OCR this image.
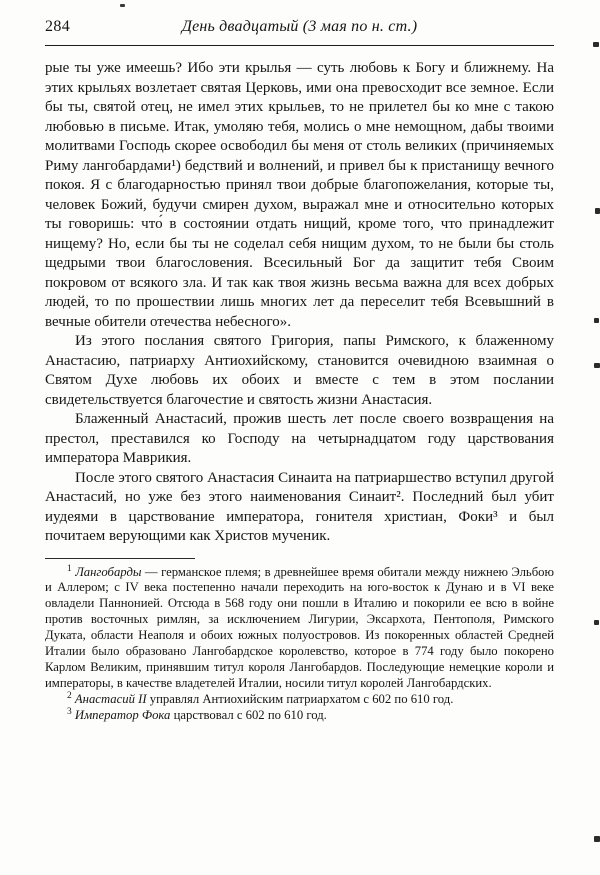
284	День двадцатый (3 мая по н. ст.)

рые ты уже имеешь? Ибо эти крылья — суть любовь к Богу и ближнему. На этих крыльях возлетает святая Церковь, ими она превосходит все земное. Если бы ты, святой отец, не имел этих крыльев, то не прилетел бы ко мне с такою любовью в письме. Итак, умоляю тебя, молись о мне немощном, дабы твоими молитвами Господь скорее освободил бы меня от столь великих (причиняемых Риму лангобардами¹) бедствий и волнений, и привел бы к пристанищу вечного покоя. Я с благодарностью принял твои добрые благопожелания, которые ты, человек Божий, будучи смирен духом, выражал мне и относительно которых ты говоришь: что́ в состоянии отдать нищий, кроме того, что принадлежит нищему? Но, если бы ты не соделал себя нищим духом, то не были бы столь щедрыми твои благословения. Всесильный Бог да защитит тебя Своим покровом от всякого зла. И так как твоя жизнь весьма важна для всех добрых людей, то по прошествии лишь многих лет да переселит тебя Всевышний в вечные обители отечества небесного».

Из этого послания святого Григория, папы Римского, к блаженному Анастасию, патриарху Антиохийскому, становится очевидною взаимная о Святом Духе любовь их обоих и вместе с тем в этом послании свидетельствуется благочестие и святость жизни Анастасия.

Блаженный Анастасий, прожив шесть лет после своего возвращения на престол, преставился ко Господу на четырнадцатом году царствования императора Маврикия.

После этого святого Анастасия Синаита на патриаршество вступил другой Анастасий, но уже без этого наименования Синаит². Последний был убит иудеями в царствование императора, гонителя христиан, Фоки³ и был почитаем верующими как Христов мученик.

$^1$ Лангобарды — германское племя; в древнейшее время обитали между нижнею Эльбою и Аллером; с IV века постепенно начали переходить на юго-восток к Дунаю и в VI веке овладели Паннонией. Отсюда в 568 году они пошли в Италию и покорили ее всю в войне против восточных римлян, за исключением Лигурии, Эксархота, Пентополя, Римского Дуката, области Неаполя и обоих южных полуостровов. Из покоренных областей Средней Италии было образовано Лангобардское королевство, которое в 774 году было покорено Карлом Великим, принявшим титул короля Лангобардов. Последующие немецкие короли и императоры, в качестве владетелей Италии, носили титул королей Лангобардских.

$^2$ Анастасий II управлял Антиохийским патриархатом с 602 по 610 год.

$^3$ Император Фока царствовал с 602 по 610 год.
